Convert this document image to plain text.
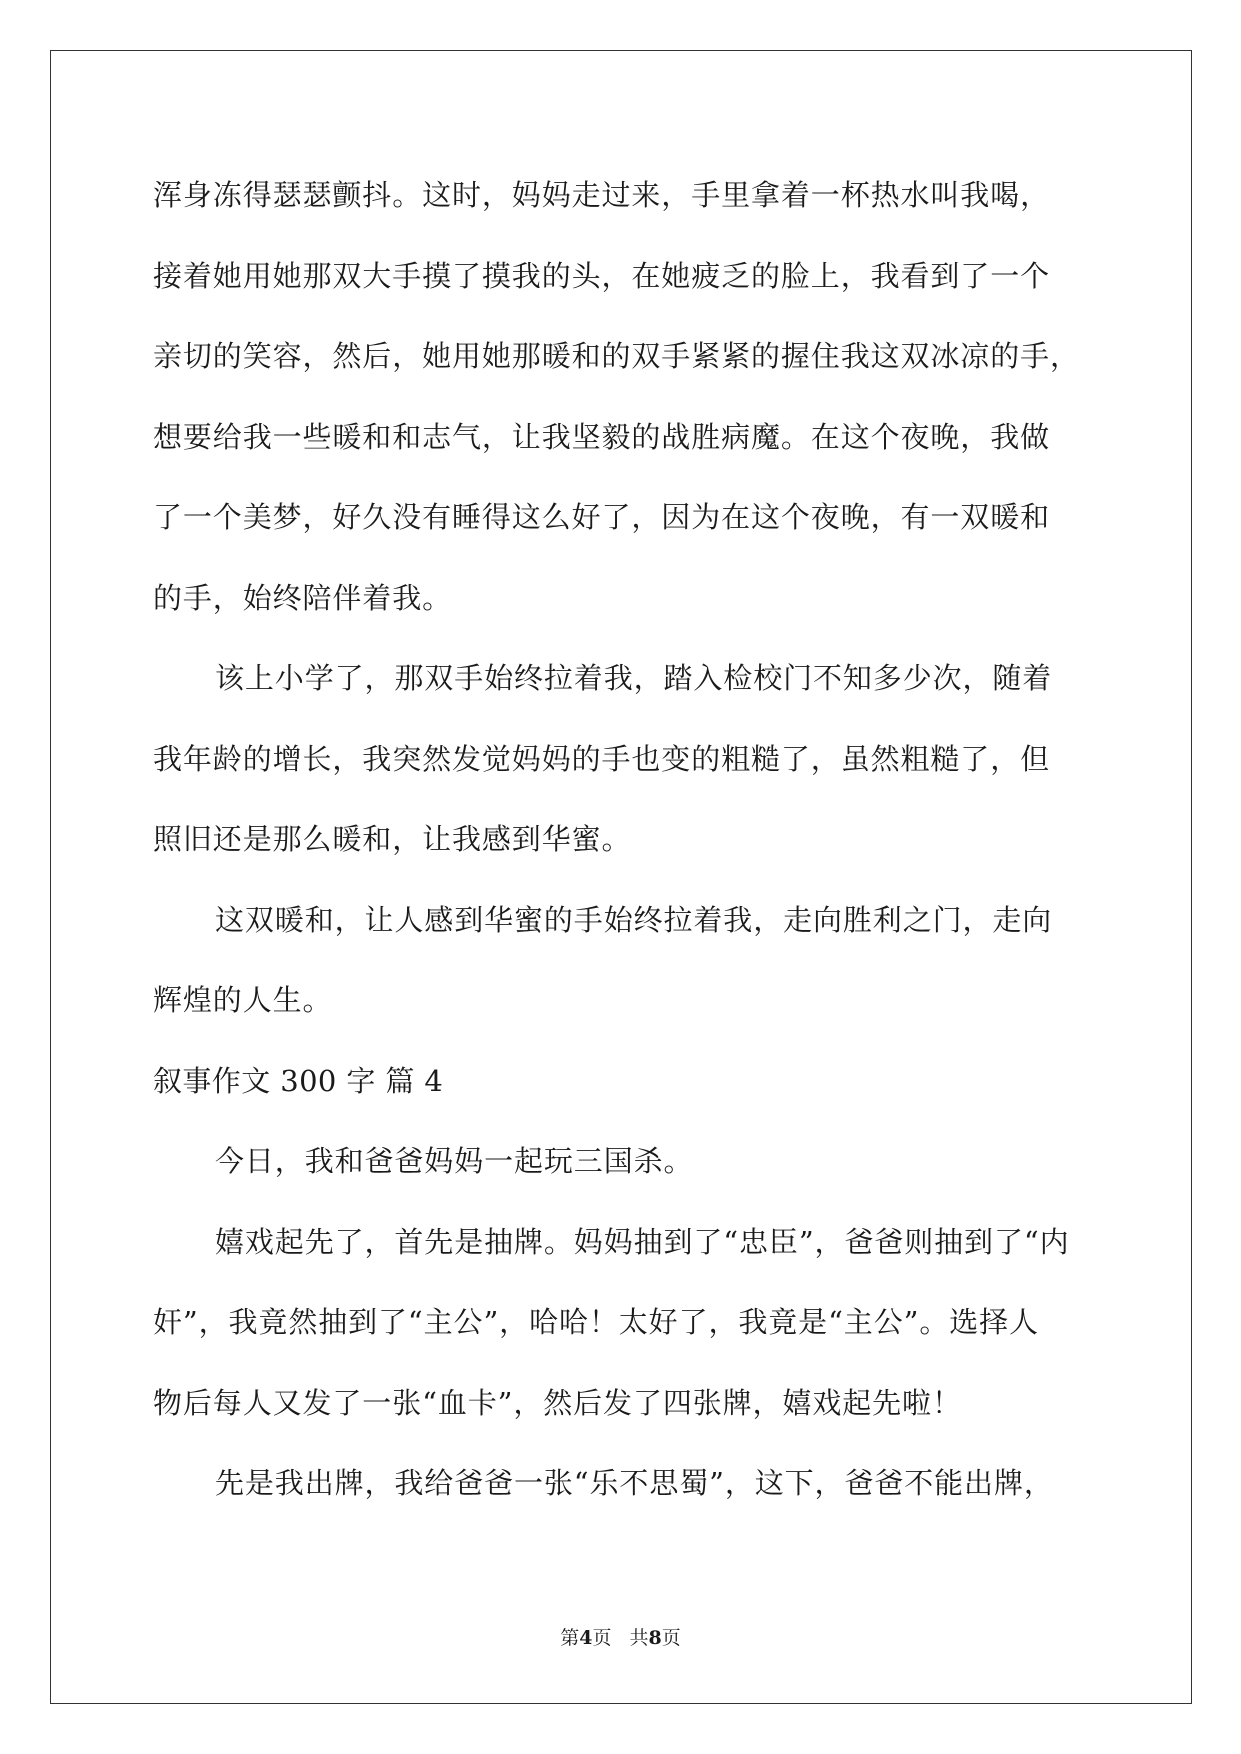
浑身冻得瑟瑟颤抖。这时，妈妈走过来，手里拿着一杯热水叫我喝，
接着她用她那双大手摸了摸我的头，在她疲乏的脸上，我看到了一个
亲切的笑容，然后，她用她那暖和的双手紧紧的握住我这双冰凉的手，
想要给我一些暖和和志气，让我坚毅的战胜病魔。在这个夜晚，我做
了一个美梦，好久没有睡得这么好了，因为在这个夜晚，有一双暖和
的手，始终陪伴着我。
该上小学了，那双手始终拉着我，踏入检校门不知多少次，随着
我年龄的增长，我突然发觉妈妈的手也变的粗糙了，虽然粗糙了，但
照旧还是那么暖和，让我感到华蜜。
这双暖和，让人感到华蜜的手始终拉着我，走向胜利之门，走向
辉煌的人生。
叙事作文 300 字 篇 4
今日，我和爸爸妈妈一起玩三国杀。
嬉戏起先了，首先是抽牌。妈妈抽到了“忠臣”，爸爸则抽到了“内
奸”，我竟然抽到了“主公”，哈哈！太好了，我竟是“主公”。选择人
物后每人又发了一张“血卡”，然后发了四张牌，嬉戏起先啦！
先是我出牌，我给爸爸一张“乐不思蜀”，这下，爸爸不能出牌，
第4页 共8页
